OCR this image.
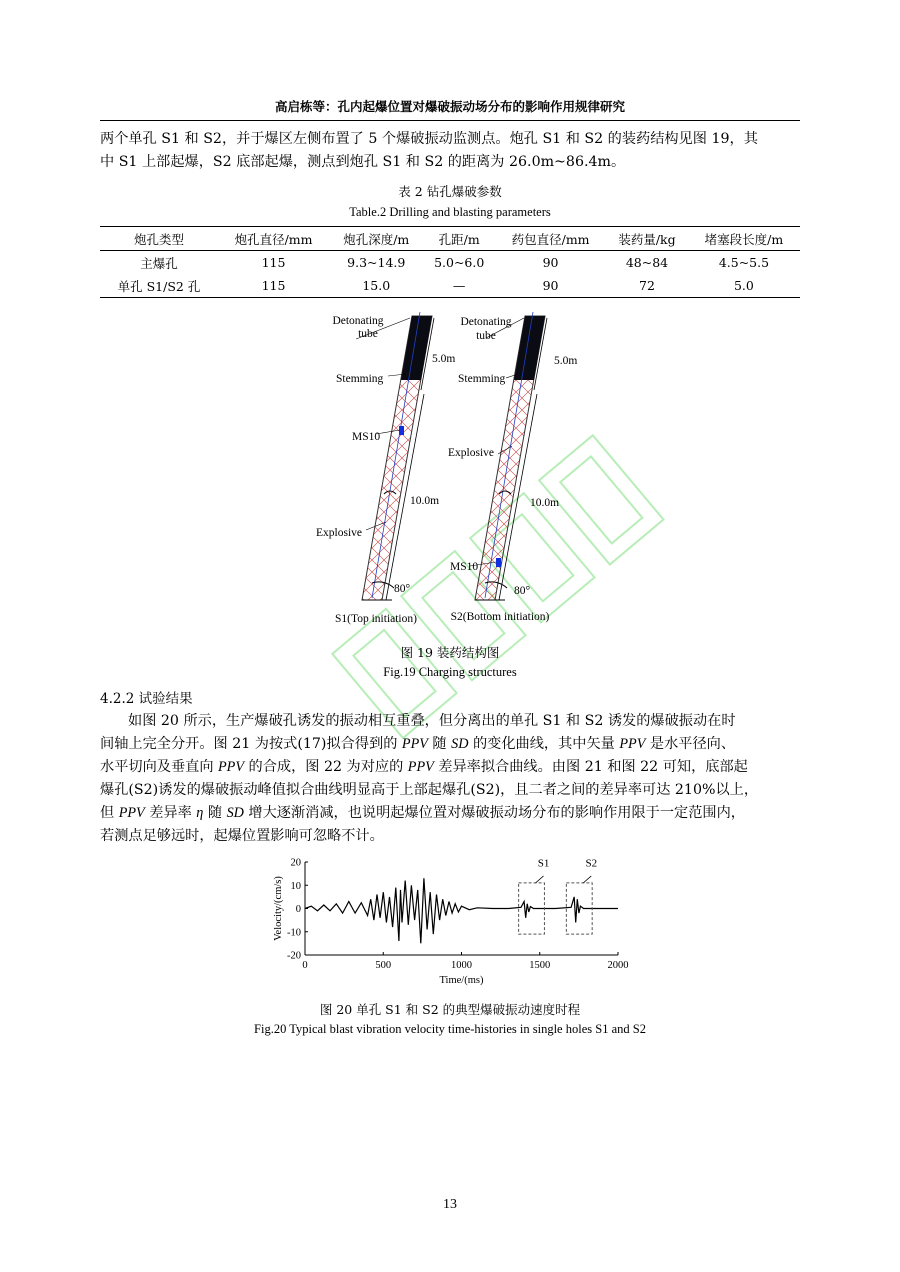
高启栋等：孔内起爆位置对爆破振动场分布的影响作用规律研究
两个单孔 S1 和 S2，并于爆区左侧布置了 5 个爆破振动监测点。炮孔 S1 和 S2 的装药结构见图 19，其
中 S1 上部起爆，S2 底部起爆，测点到炮孔 S1 和 S2 的距离为 26.0m~86.4m。
表 2 钻孔爆破参数
Table.2 Drilling and blasting parameters
炮孔类型	炮孔直径/mm	炮孔深度/m	孔距/m	药包直径/mm	装药量/kg	堵塞段长度/m
主爆孔	115	9.3~14.9	5.0~6.0	90	48~84	4.5~5.5
单孔 S1/S2 孔	115	15.0	—	90	72	5.0
Detonating
tube
Stemming
MS10
Explosive
5.0m
10.0m
80°
S1(Top initiation)
Detonating
tube
Stemming
Explosive
MS10
5.0m
10.0m
80°
S2(Bottom initiation)
图 19 装药结构图
Fig.19 Charging structures
4.2.2 试验结果
如图 20 所示，生产爆破孔诱发的振动相互重叠，但分离出的单孔 S1 和 S2 诱发的爆破振动在时
间轴上完全分开。图 21 为按式(17)拟合得到的 PPV 随 SD 的变化曲线，其中矢量 PPV 是水平径向、
水平切向及垂直向 PPV 的合成，图 22 为对应的 PPV 差异率拟合曲线。由图 21 和图 22 可知，底部起
爆孔(S2)诱发的爆破振动峰值拟合曲线明显高于上部起爆孔(S2)，且二者之间的差异率可达 210%以上，
但 PPV 差异率 η 随 SD 增大逐渐消减，也说明起爆位置对爆破振动场分布的影响作用限于一定范围内，
若测点足够远时，起爆位置影响可忽略不计。
0	500	1000	1500	2000
20
10
0
-10
-20
Time/(ms)
Velocity/(cm/s)
S1	S2
图 20 单孔 S1 和 S2 的典型爆破振动速度时程
Fig.20 Typical blast vibration velocity time-histories in single holes S1 and S2
13
